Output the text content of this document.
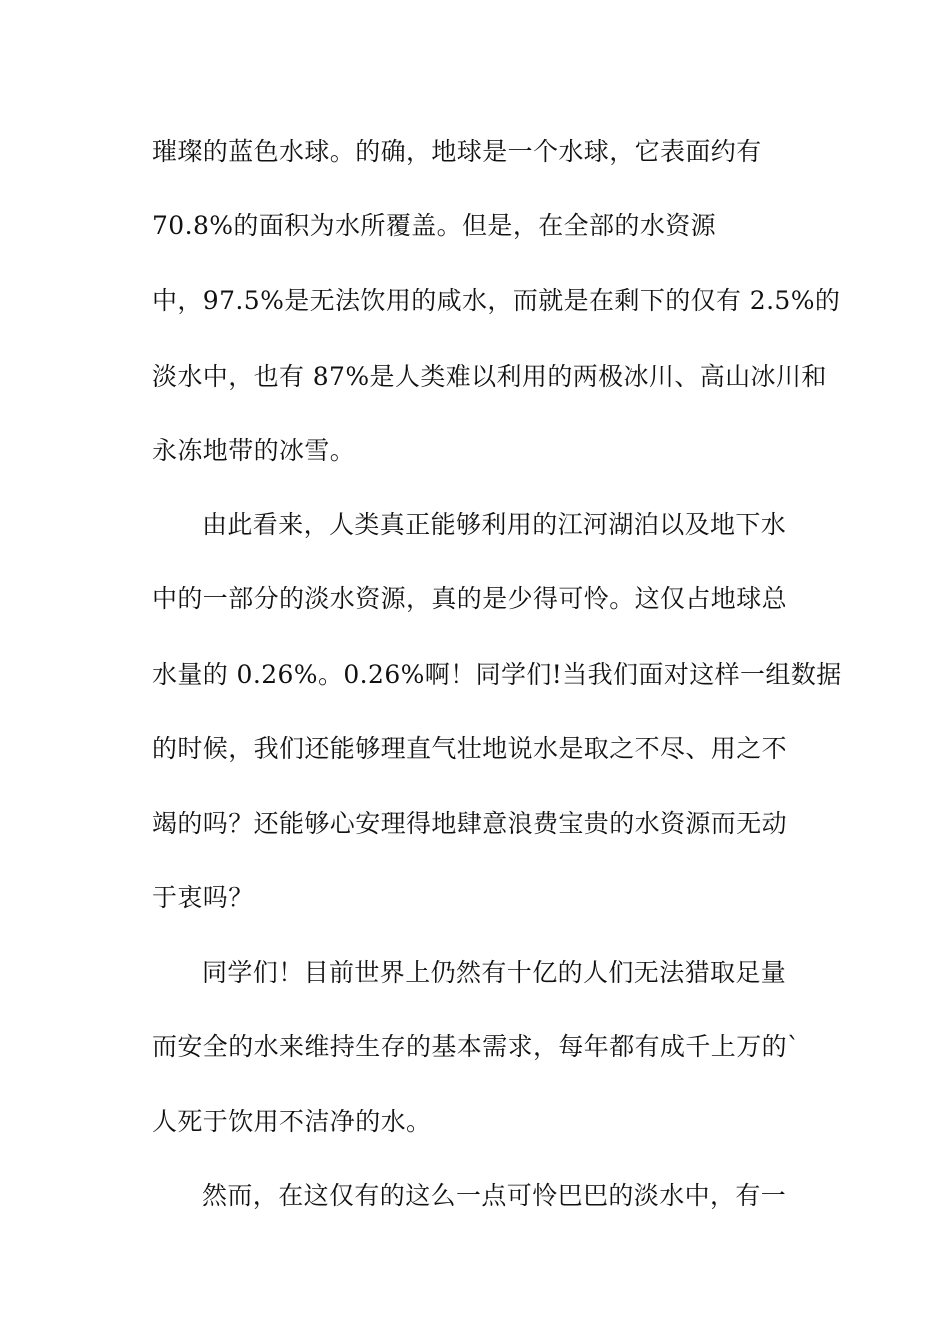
璀璨的蓝色水球。的确，地球是一个水球，它表面约有
70.8%的面积为水所覆盖。但是，在全部的水资源
中，97.5%是无法饮用的咸水，而就是在剩下的仅有 2.5%的
淡水中，也有 87%是人类难以利用的两极冰川、高山冰川和
永冻地带的冰雪。
由此看来，人类真正能够利用的江河湖泊以及地下水
中的一部分的淡水资源，真的是少得可怜。这仅占地球总
水量的 0.26%。0.26%啊！同学们!当我们面对这样一组数据
的时候，我们还能够理直气壮地说水是取之不尽、用之不
竭的吗？还能够心安理得地肆意浪费宝贵的水资源而无动
于衷吗？
同学们！目前世界上仍然有十亿的人们无法猎取足量
而安全的水来维持生存的基本需求，每年都有成千上万的`
人死于饮用不洁净的水。
然而，在这仅有的这么一点可怜巴巴的淡水中，有一
